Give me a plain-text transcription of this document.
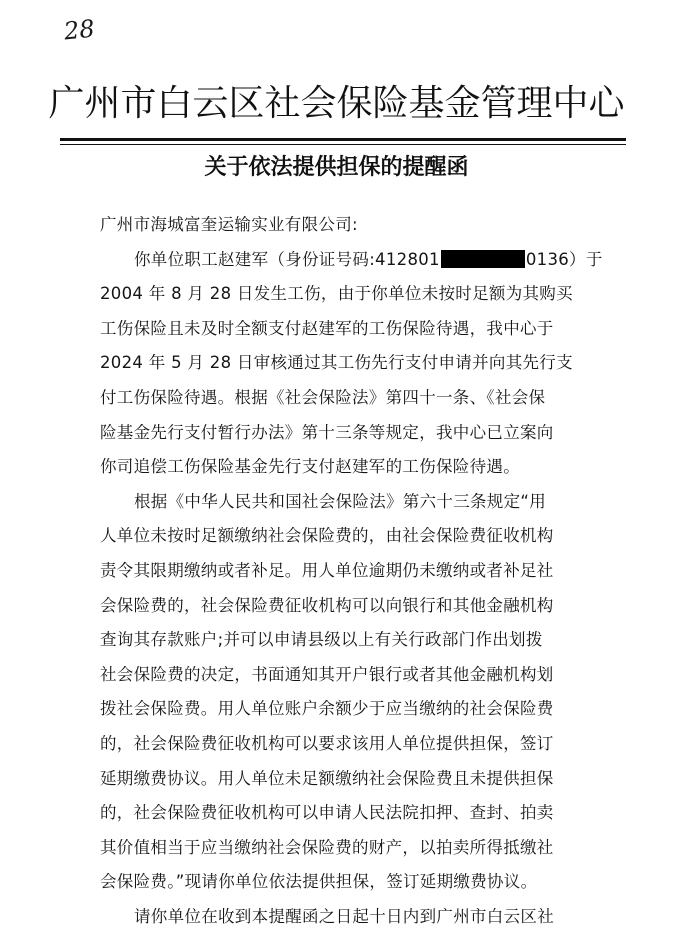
28
广州市白云区社会保险基金管理中心
关于依法提供担保的提醒函
广州市海城富奎运输实业有限公司:
你单位职工赵建军（身份证号码:412801	0136）于
2004 年 8 月 28 日发生工伤，由于你单位未按时足额为其购买
工伤保险且未及时全额支付赵建军的工伤保险待遇，我中心于
2024 年 5 月 28 日审核通过其工伤先行支付申请并向其先行支
付工伤保险待遇。根据《社会保险法》第四十一条、《社会保
险基金先行支付暂行办法》第十三条等规定，我中心已立案向
你司追偿工伤保险基金先行支付赵建军的工伤保险待遇。
根据《中华人民共和国社会保险法》第六十三条规定“用
人单位未按时足额缴纳社会保险费的，由社会保险费征收机构
责令其限期缴纳或者补足。用人单位逾期仍未缴纳或者补足社
会保险费的，社会保险费征收机构可以向银行和其他金融机构
查询其存款账户;并可以申请县级以上有关行政部门作出划拨
社会保险费的决定，书面通知其开户银行或者其他金融机构划
拨社会保险费。用人单位账户余额少于应当缴纳的社会保险费
的，社会保险费征收机构可以要求该用人单位提供担保，签订
延期缴费协议。用人单位未足额缴纳社会保险费且未提供担保
的，社会保险费征收机构可以申请人民法院扣押、查封、拍卖
其价值相当于应当缴纳社会保险费的财产，以拍卖所得抵缴社
会保险费。”现请你单位依法提供担保，签订延期缴费协议。
请你单位在收到本提醒函之日起十日内到广州市白云区社
